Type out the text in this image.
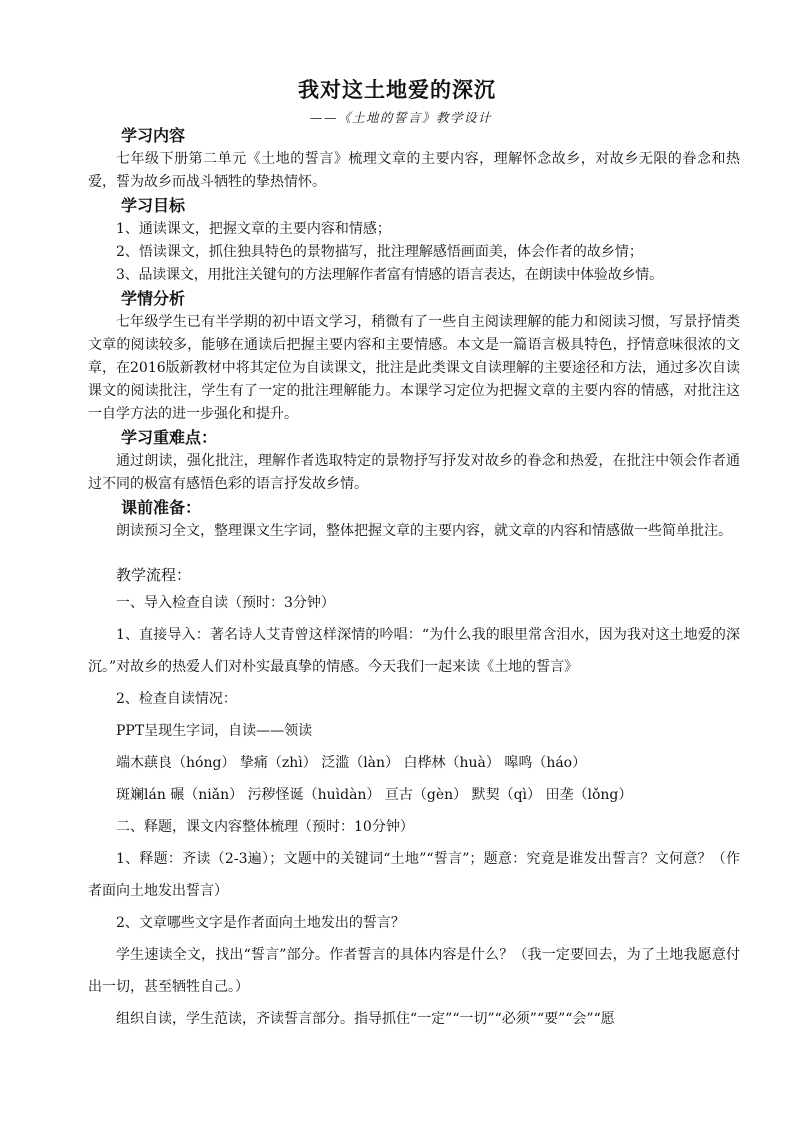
我对这土地爱的深沉
——《土地的誓言》教学设计
学习内容
七年级下册第二单元《土地的誓言》梳理文章的主要内容，理解怀念故乡，对故乡无限的眷念和热爱，誓为故乡而战斗牺牲的挚热情怀。
学习目标
1、通读课文，把握文章的主要内容和情感；
2、悟读课文，抓住独具特色的景物描写，批注理解感悟画面美，体会作者的故乡情；
3、品读课文，用批注关键句的方法理解作者富有情感的语言表达，在朗读中体验故乡情。
学情分析
七年级学生已有半学期的初中语文学习，稍微有了一些自主阅读理解的能力和阅读习惯，写景抒情类文章的阅读较多，能够在通读后把握主要内容和主要情感。本文是一篇语言极具特色，抒情意味很浓的文章，在2016版新教材中将其定位为自读课文，批注是此类课文自读理解的主要途径和方法，通过多次自读课文的阅读批注，学生有了一定的批注理解能力。本课学习定位为把握文章的主要内容的情感，对批注这一自学方法的进一步强化和提升。
学习重难点：
通过朗读，强化批注，理解作者选取特定的景物抒写抒发对故乡的眷念和热爱，在批注中领会作者通过不同的极富有感悟色彩的语言抒发故乡情。
课前准备：
朗读预习全文，整理课文生字词，整体把握文章的主要内容，就文章的内容和情感做一些简单批注。
教学流程：
一、导入检查自读（预时：3分钟）
1、直接导入：著名诗人艾青曾这样深情的吟唱：“为什么我的眼里常含泪水，因为我对这土地爱的深沉。”对故乡的热爱人们对朴实最真挚的情感。今天我们一起来读《土地的誓言》
2、检查自读情况：
PPT呈现生字词，自读——领读
端木蕻良（hóng） 挚痛（zhì） 泛滥（làn） 白桦林（huà） 嗥鸣（háo）
斑斓lán 碾（niǎn） 污秽怪诞（huìdàn） 亘古（gèn） 默契（qì） 田垄（lǒng）
二、释题，课文内容整体梳理（预时：10分钟）
1、释题：齐读（2-3遍）；文题中的关键词“土地”“誓言”；题意：究竟是谁发出誓言？文何意？（作者面向土地发出誓言）
2、文章哪些文字是作者面向土地发出的誓言？
学生速读全文，找出“誓言”部分。作者誓言的具体内容是什么？（我一定要回去，为了土地我愿意付出一切，甚至牺牲自己。）
组织自读，学生范读，齐读誓言部分。指导抓住“一定”“一切”“必须”“要”“会”“愿
